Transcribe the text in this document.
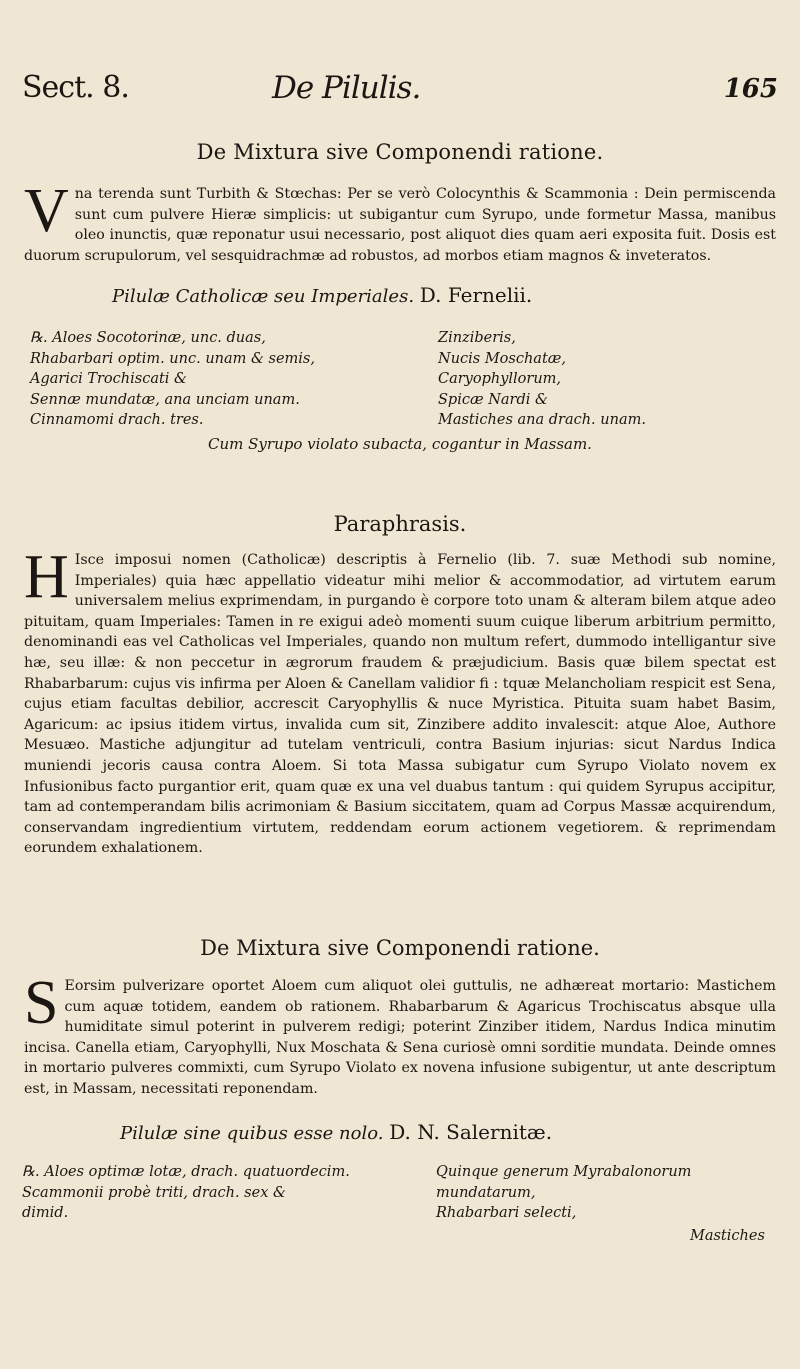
Sect. 8.	De Pilulis.	165
De Mixtura sive Componendi ratione.

V na terenda sunt Turbith & Stœchas: Per se verò Colocynthis & Scammonia : Dein permiscenda sunt cum pulvere Hieræ simplicis: ut subigantur cum Syrupo, unde formetur Massa, manibus oleo inunctis, quæ reponatur usui necessario, post aliquot dies quam aeri exposita fuit. Dosis est duorum scrupulorum, vel sesquidrachmæ ad robustos, ad morbos etiam magnos & inveteratos.

Pilulæ Catholicæ seu Imperiales. D. Fernelii.
℞. Aloes Socotorinæ, unc. duas,
Rhabarbari optim. unc. unam & semis,
Agarici Trochiscati &
Sennæ mundatæ, ana unciam unam.
Cinnamomi drach. tres.
Zinziberis,
Nucis Moschatæ,
Caryophyllorum,
Spicæ Nardi &
Mastiches ana drach. unam.
Cum Syrupo violato subacta, cogantur in Massam.
Paraphrasis.

H Isce imposui nomen (Catholicæ) descriptis à Fernelio (lib. 7. suæ Methodi sub nomine, Imperiales) quia hæc appellatio videatur mihi melior & accommodatior, ad virtutem earum universalem melius exprimendam, in purgando è corpore toto unam & alteram bilem atque adeo pituitam, quam Imperiales: Tamen in re exigui adeò momenti suum cuique liberum arbitrium permitto, denominandi eas vel Catholicas vel Imperiales, quando non multum refert, dummodo intelligantur sive hæ, seu illæ: & non peccetur in ægrorum fraudem & præjudicium. Basis quæ bilem spectat est Rhabarbarum: cujus vis infirma per Aloen & Canellam validior fi : tquæ Melancholiam respicit est Sena, cujus etiam facultas debilior, accrescit Caryophyllis & nuce Myristica. Pituita suam habet Basim, Agaricum: ac ipsius itidem virtus, invalida cum sit, Zinzibere addito invalescit: atque Aloe, Authore Mesuæo. Mastiche adjungitur ad tutelam ventriculi, contra Basium injurias: sicut Nardus Indica muniendi jecoris causa contra Aloem. Si tota Massa subigatur cum Syrupo Violato novem ex Infusionibus facto purgantior erit, quam quæ ex una vel duabus tantum : qui quidem Syrupus accipitur, tam ad contemperandam bilis acrimoniam & Basium siccitatem, quam ad Corpus Massæ acquirendum, conservandam ingredientium virtutem, reddendam eorum actionem vegetiorem. & reprimendam eorundem exhalationem.

De Mixtura sive Componendi ratione.

S Eorsim pulverizare oportet Aloem cum aliquot olei guttulis, ne adhæreat mortario: Mastichem cum aquæ totidem, eandem ob rationem. Rhabarbarum & Agaricus Trochiscatus absque ulla humiditate simul poterint in pulverem redigi; poterint Zinziber itidem, Nardus Indica minutim incisa. Canella etiam, Caryophylli, Nux Moschata & Sena curiosè omni sorditie mundata. Deinde omnes in mortario pulveres commixti, cum Syrupo Violato ex novena infusione subigentur, ut ante descriptum est, in Massam, necessitati reponendam.

Pilulæ sine quibus esse nolo. D. N. Salernitæ.
℞. Aloes optimæ lotæ, drach. quatuordecim.
Scammonii probè triti, drach. sex &
dimid.
Quinque generum Myrabalonorum
mundatarum,
Rhabarbari selecti,
Mastiches
